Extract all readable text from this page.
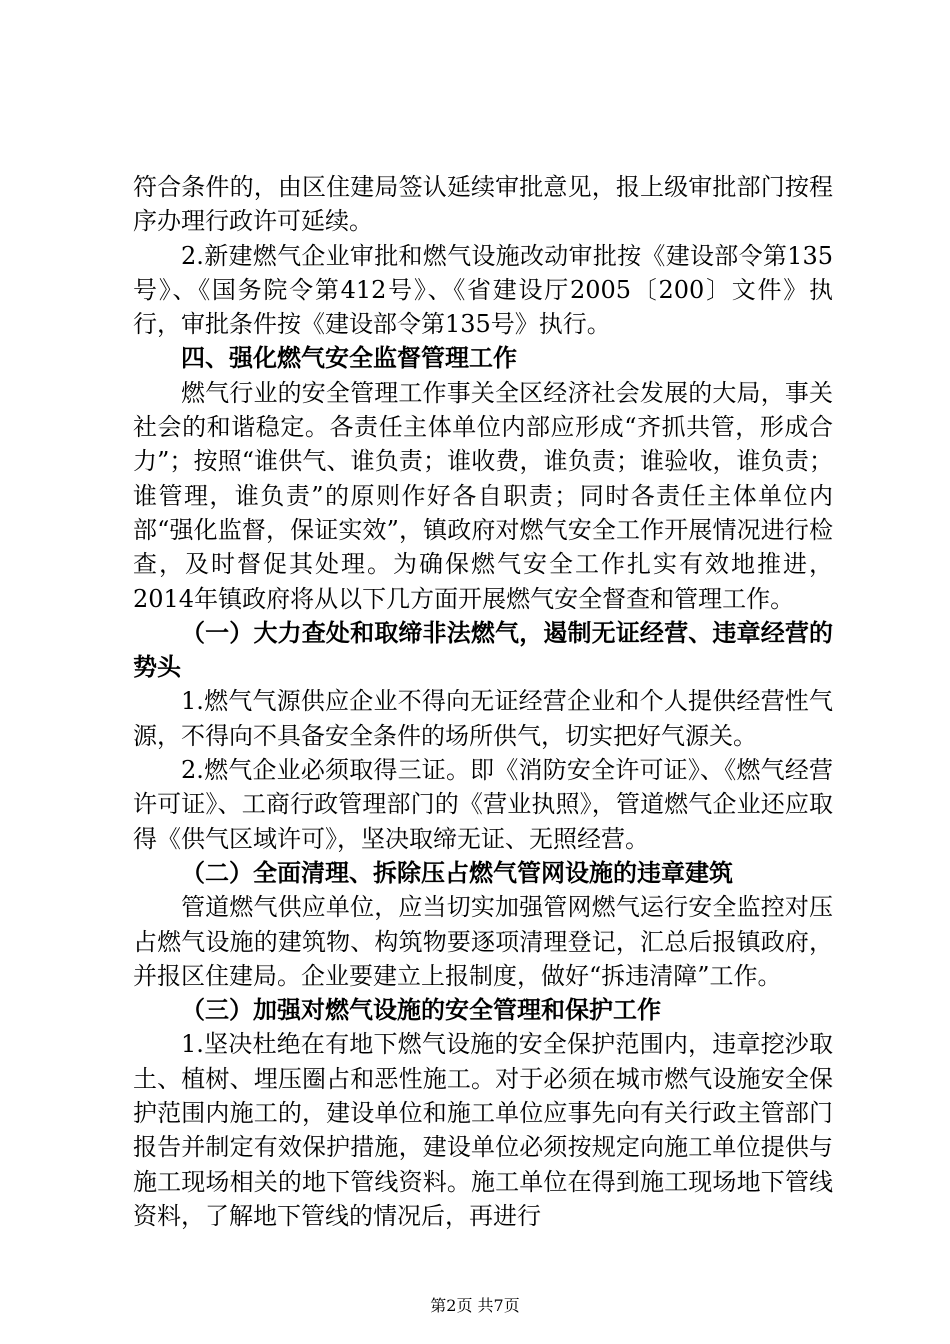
符合条件的，由区住建局签认延续审批意见，报上级审批部门按程序办理行政许可延续。

2.新建燃气企业审批和燃气设施改动审批按《建设部令第135号》、《国务院令第412号》、《省建设厅2005〔200〕文件》执行，审批条件按《建设部令第135号》执行。

四、强化燃气安全监督管理工作

燃气行业的安全管理工作事关全区经济社会发展的大局，事关社会的和谐稳定。各责任主体单位内部应形成“齐抓共管，形成合力”；按照“谁供气、谁负责；谁收费，谁负责；谁验收，谁负责；谁管理，谁负责”的原则作好各自职责；同时各责任主体单位内部“强化监督，保证实效”，镇政府对燃气安全工作开展情况进行检查，及时督促其处理。为确保燃气安全工作扎实有效地推进，2014年镇政府将从以下几方面开展燃气安全督查和管理工作。

（一）大力查处和取缔非法燃气，遏制无证经营、违章经营的势头

1.燃气气源供应企业不得向无证经营企业和个人提供经营性气源，不得向不具备安全条件的场所供气，切实把好气源关。

2.燃气企业必须取得三证。即《消防安全许可证》、《燃气经营许可证》、工商行政管理部门的《营业执照》，管道燃气企业还应取得《供气区域许可》，坚决取缔无证、无照经营。

（二）全面清理、拆除压占燃气管网设施的违章建筑

管道燃气供应单位，应当切实加强管网燃气运行安全监控对压占燃气设施的建筑物、构筑物要逐项清理登记，汇总后报镇政府，并报区住建局。企业要建立上报制度，做好“拆违清障”工作。

（三）加强对燃气设施的安全管理和保护工作

1.坚决杜绝在有地下燃气设施的安全保护范围内，违章挖沙取土、植树、埋压圈占和恶性施工。对于必须在城市燃气设施安全保护范围内施工的，建设单位和施工单位应事先向有关行政主管部门报告并制定有效保护措施，建设单位必须按规定向施工单位提供与施工现场相关的地下管线资料。施工单位在得到施工现场地下管线资料，了解地下管线的情况后，再进行

第2页 共7页
